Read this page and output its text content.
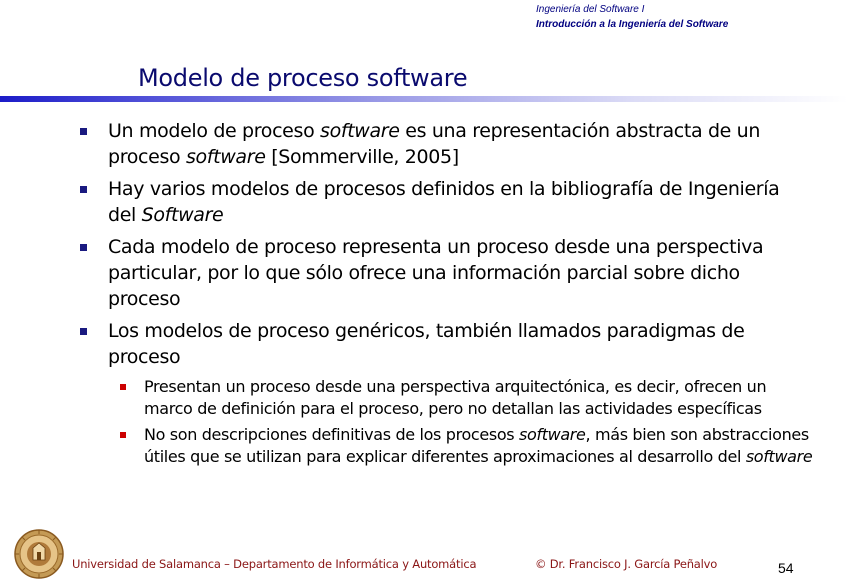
Ingeniería del Software I
Introducción a la Ingeniería del Software
Modelo de proceso software
Un modelo de proceso software es una representación abstracta de un proceso software [Sommerville, 2005]
Hay varios modelos de procesos definidos en la bibliografía de Ingeniería del Software
Cada modelo de proceso representa un proceso desde una perspectiva particular, por lo que sólo ofrece una información parcial sobre dicho proceso
Los modelos de proceso genéricos, también llamados paradigmas de proceso
Presentan un proceso desde una perspectiva arquitectónica, es decir, ofrecen un marco de definición para el proceso, pero no detallan las actividades específicas
No son descripciones definitivas de los procesos software, más bien son abstracciones útiles que se utilizan para explicar diferentes aproximaciones al desarrollo del software
Universidad de Salamanca – Departamento de Informática y Automática	© Dr. Francisco J. García Peñalvo	54
